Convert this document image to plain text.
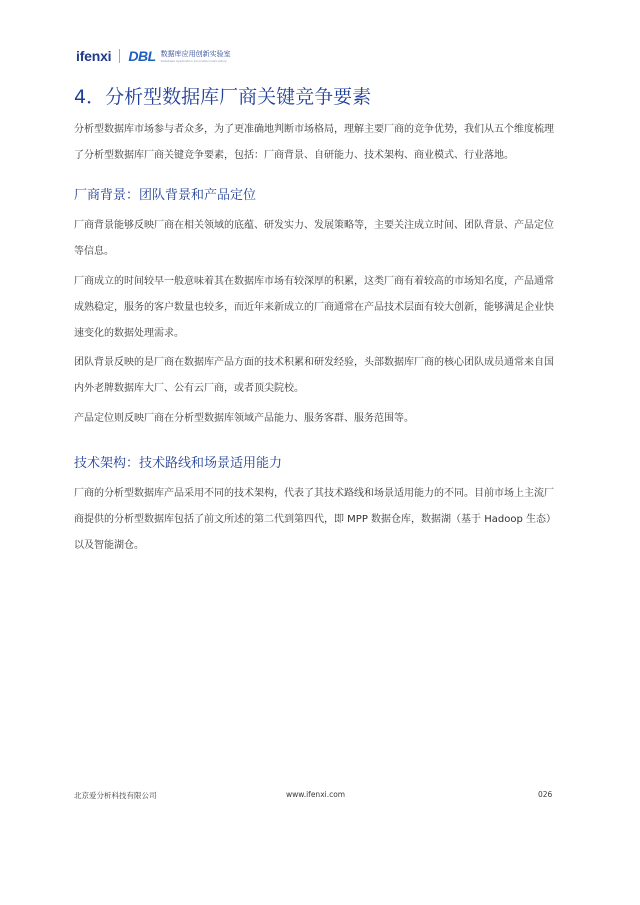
ifenxi DBL 数据库应用创新实验室
Database Application Innovation Laboratory
4．分析型数据库厂商关键竞争要素

分析型数据库市场参与者众多，为了更准确地判断市场格局，理解主要厂商的竞争优势，我们从五个维度梳理了分析型数据库厂商关键竞争要素，包括：厂商背景、自研能力、技术架构、商业模式、行业落地。

厂商背景：团队背景和产品定位

厂商背景能够反映厂商在相关领域的底蕴、研发实力、发展策略等，主要关注成立时间、团队背景、产品定位等信息。

厂商成立的时间较早一般意味着其在数据库市场有较深厚的积累，这类厂商有着较高的市场知名度，产品通常成熟稳定，服务的客户数量也较多，而近年来新成立的厂商通常在产品技术层面有较大创新，能够满足企业快速变化的数据处理需求。

团队背景反映的是厂商在数据库产品方面的技术积累和研发经验，头部数据库厂商的核心团队成员通常来自国内外老牌数据库大厂、公有云厂商，或者顶尖院校。

产品定位则反映厂商在分析型数据库领域产品能力、服务客群、服务范围等。

技术架构：技术路线和场景适用能力

厂商的分析型数据库产品采用不同的技术架构，代表了其技术路线和场景适用能力的不同。目前市场上主流厂商提供的分析型数据库包括了前文所述的第二代到第四代，即 MPP 数据仓库，数据湖（基于 Hadoop 生态）以及智能湖仓。

北京爱分析科技有限公司	www.ifenxi.com	026
